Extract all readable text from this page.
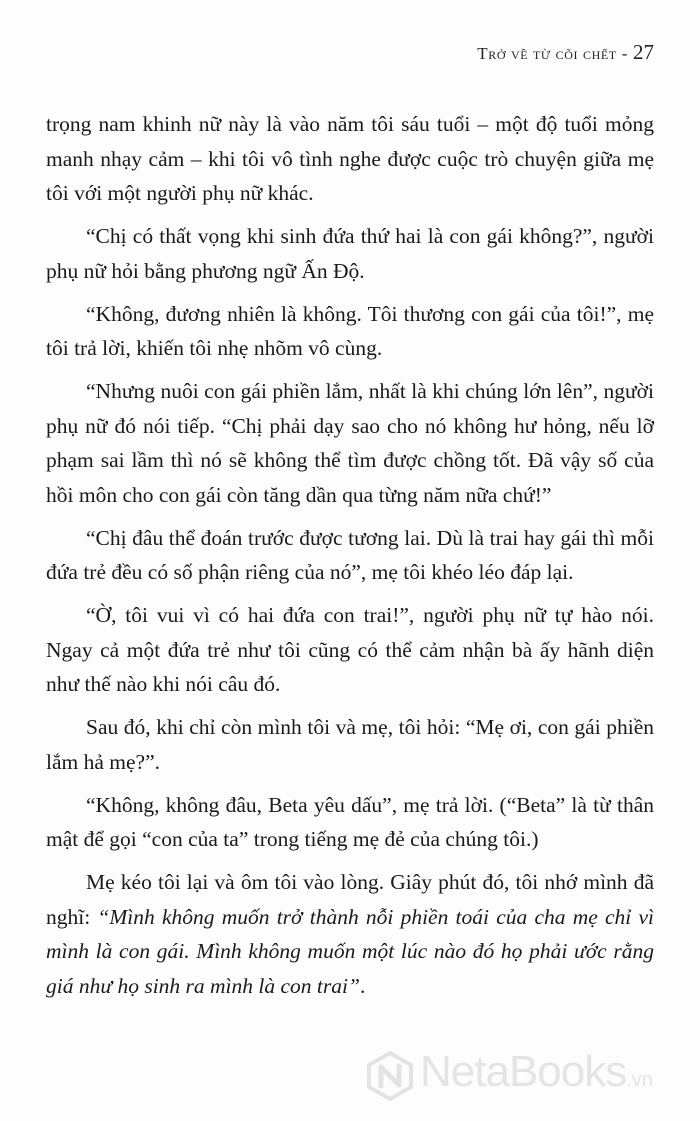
Trở về từ cõi chết - 27

trọng nam khinh nữ này là vào năm tôi sáu tuổi – một độ tuổi mỏng manh nhạy cảm – khi tôi vô tình nghe được cuộc trò chuyện giữa mẹ tôi với một người phụ nữ khác.

“Chị có thất vọng khi sinh đứa thứ hai là con gái không?”, người phụ nữ hỏi bằng phương ngữ Ấn Độ.

“Không, đương nhiên là không. Tôi thương con gái của tôi!”, mẹ tôi trả lời, khiến tôi nhẹ nhõm vô cùng.

“Nhưng nuôi con gái phiền lắm, nhất là khi chúng lớn lên”, người phụ nữ đó nói tiếp. “Chị phải dạy sao cho nó không hư hỏng, nếu lỡ phạm sai lầm thì nó sẽ không thể tìm được chồng tốt. Đã vậy số của hồi môn cho con gái còn tăng dần qua từng năm nữa chứ!”

“Chị đâu thể đoán trước được tương lai. Dù là trai hay gái thì mỗi đứa trẻ đều có số phận riêng của nó”, mẹ tôi khéo léo đáp lại.

“Ờ, tôi vui vì có hai đứa con trai!”, người phụ nữ tự hào nói. Ngay cả một đứa trẻ như tôi cũng có thể cảm nhận bà ấy hãnh diện như thế nào khi nói câu đó.

Sau đó, khi chỉ còn mình tôi và mẹ, tôi hỏi: “Mẹ ơi, con gái phiền lắm hả mẹ?”.

“Không, không đâu, Beta yêu dấu”, mẹ trả lời. (“Beta” là từ thân mật để gọi “con của ta” trong tiếng mẹ đẻ của chúng tôi.)

Mẹ kéo tôi lại và ôm tôi vào lòng. Giây phút đó, tôi nhớ mình đã nghĩ: “Mình không muốn trở thành nỗi phiền toái của cha mẹ chỉ vì mình là con gái. Mình không muốn một lúc nào đó họ phải ước rằng giá như họ sinh ra mình là con trai”.

NetaBooks.vn
